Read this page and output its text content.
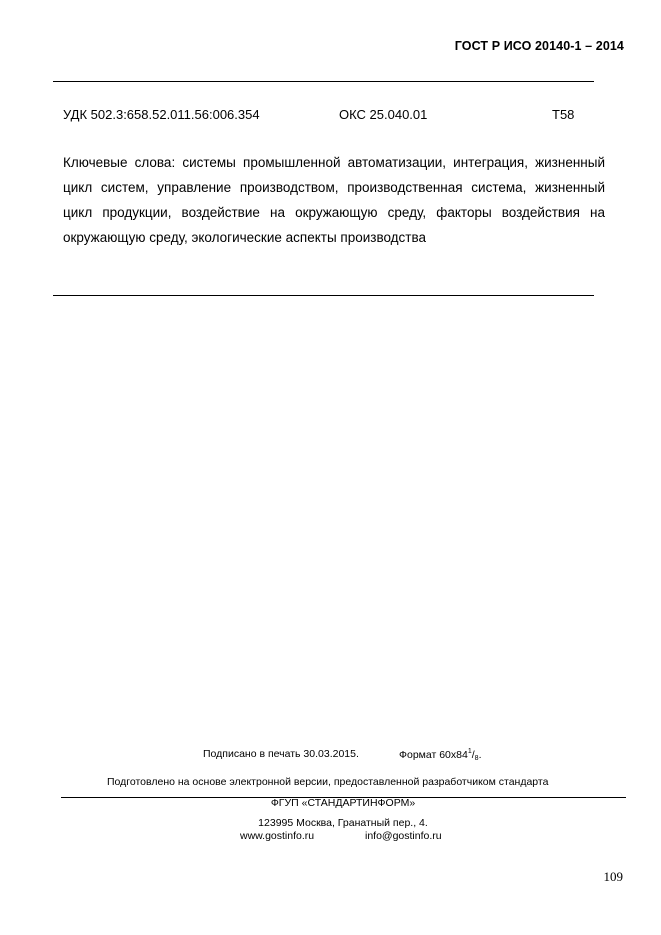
ГОСТ Р ИСО 20140-1 – 2014
УДК 502.3:658.52.011.56:006.354	ОКС 25.040.01	Т58

Ключевые слова: системы промышленной автоматизации, интеграция, жизненный цикл систем, управление производством, производственная система, жизненный цикл продукции, воздействие на окружающую среду, факторы воздействия на окружающую среду, экологические аспекты производства

Подписано в печать 30.03.2015.	Формат $60х84^1/_8$.
Подготовлено на основе электронной версии, предоставленной разработчиком стандарта
ФГУП «СТАНДАРТИНФОРМ»
123995 Москва, Гранатный пер., 4.
www.gostinfo.ru	info@gostinfo.ru
109
